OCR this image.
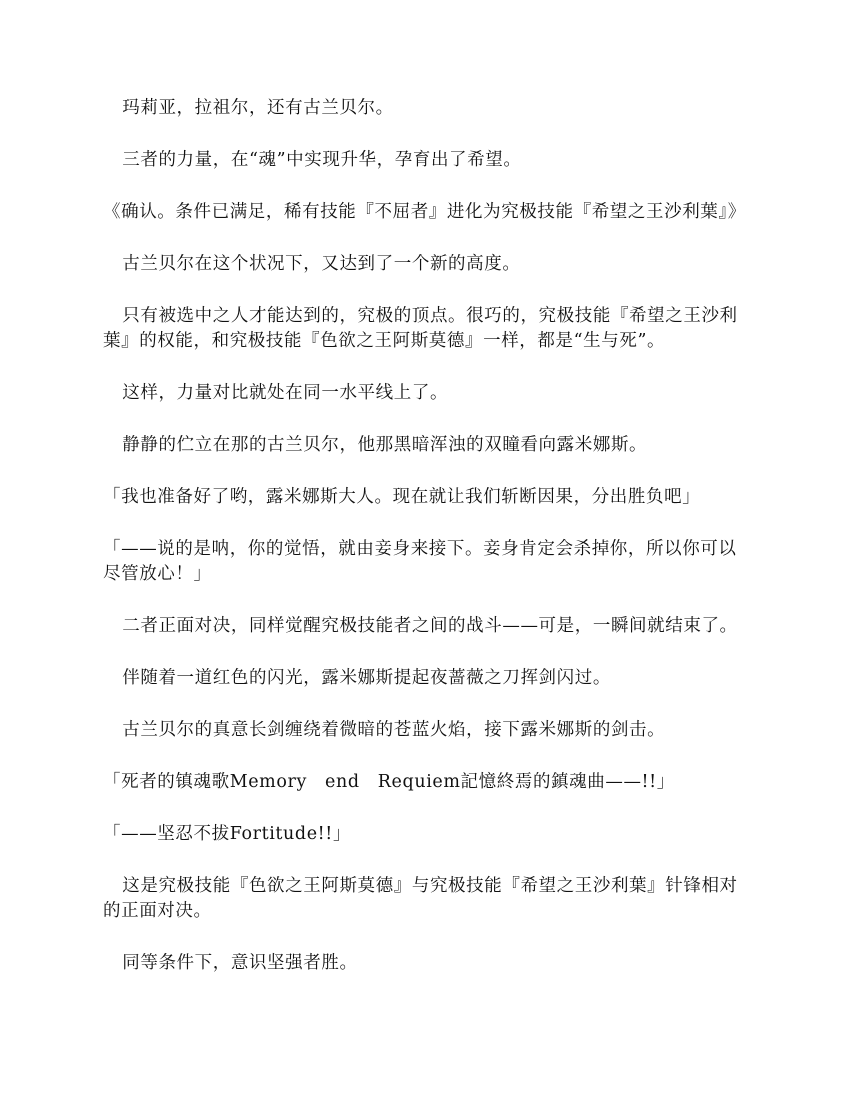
玛莉亚，拉祖尔，还有古兰贝尔。

三者的力量，在“魂”中实现升华，孕育出了希望。

《确认。条件已满足，稀有技能『不屈者』进化为究极技能『希望之王沙利葉』》

古兰贝尔在这个状况下，又达到了一个新的高度。

只有被选中之人才能达到的，究极的顶点。很巧的，究极技能『希望之王沙利葉』的权能，和究极技能『色欲之王阿斯莫德』一样，都是“生与死”。

这样，力量对比就处在同一水平线上了。

静静的伫立在那的古兰贝尔，他那黑暗浑浊的双瞳看向露米娜斯。

「我也准备好了哟，露米娜斯大人。现在就让我们斩断因果，分出胜负吧」

「——说的是呐，你的觉悟，就由妾身来接下。妾身肯定会杀掉你，所以你可以尽管放心！」

二者正面对决，同样觉醒究极技能者之间的战斗——可是，一瞬间就结束了。

伴随着一道红色的闪光，露米娜斯提起夜蔷薇之刀挥剑闪过。

古兰贝尔的真意长剑缠绕着微暗的苍蓝火焰，接下露米娜斯的剑击。

「死者的镇魂歌Memory　end　Requiem記憶終焉的鎮魂曲——!!」

「——坚忍不拔Fortitude!!」

这是究极技能『色欲之王阿斯莫德』与究极技能『希望之王沙利葉』针锋相对的正面对决。

同等条件下，意识坚强者胜。
